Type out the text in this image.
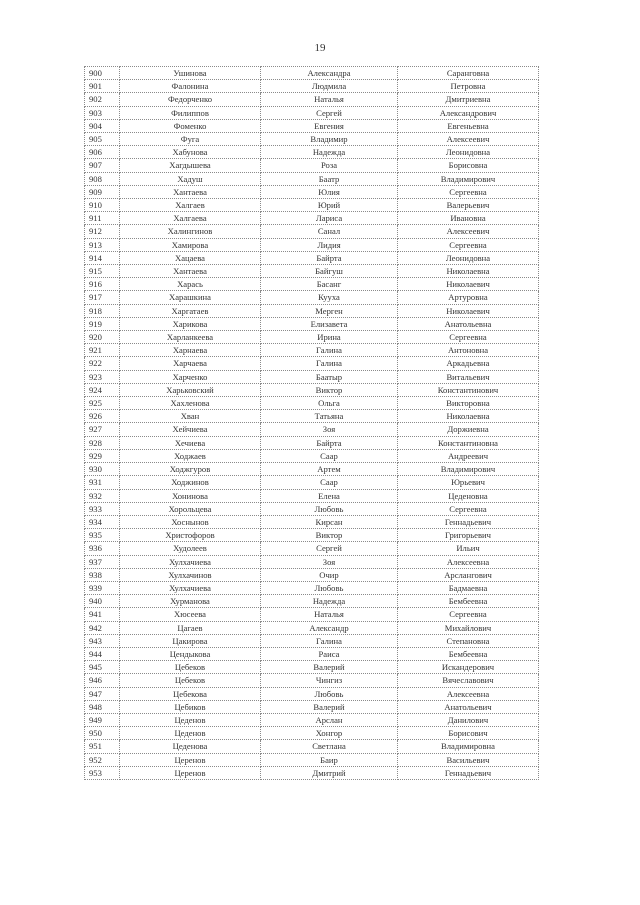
19
900	Ушинова	Александра	Саранговна
901	Фалонина	Людмила	Петровна
902	Федорченко	Наталья	Дмитриевна
903	Филиппов	Сергей	Александрович
904	Фоменко	Евгения	Евгеньевна
905	Фуга	Владимир	Алексеевич
906	Хабунова	Надежда	Леонидовна
907	Хагдышева	Роза	Борисовна
908	Хадуш	Баатр	Владимирович
909	Хантаева	Юлия	Сергеевна
910	Халгаев	Юрий	Валерьевич
911	Халгаева	Лариса	Ивановна
912	Халингинов	Санал	Алексеевич
913	Хамирова	Лидия	Сергеевна
914	Хацаева	Байрта	Леонидовна
915	Хантаева	Байгуш	Николаевна
916	Харась	Басанг	Николаевич
917	Харашкина	Кууха	Артуровна
918	Харгатаев	Мерген	Николаевич
919	Харикова	Елизавета	Анатольевна
920	Харланкеева	Ирина	Сергеевна
921	Харнаева	Галина	Антоновна
922	Харчаева	Галина	Аркадьевна
923	Харченко	Баатыр	Витальевич
924	Харьковский	Виктор	Константинович
925	Хахленова	Ольга	Викторовна
926	Хван	Татьяна	Николаевна
927	Хейчиева	Зоя	Доржиевна
928	Хечиева	Байрта	Константиновна
929	Ходжаев	Саар	Андреевич
930	Ходжгуров	Артем	Владимирович
931	Ходжинов	Саар	Юрьевич
932	Хонинова	Елена	Цеденовна
933	Хорольцева	Любовь	Сергеевна
934	Хоснынов	Кирсан	Геннадьевич
935	Христофоров	Виктор	Григорьевич
936	Худолеев	Сергей	Ильич
937	Хулхачиева	Зоя	Алексеевна
938	Хулхачинов	Очир	Арслангович
939	Хулхачиева	Любовь	Бадмаевна
940	Хурманова	Надежда	Бембеевна
941	Хюсеева	Наталья	Сергеевна
942	Цагаев	Александр	Михайлович
943	Цакирова	Галина	Степановна
944	Цендыкова	Раиса	Бембеевна
945	Цебеков	Валерий	Искандерович
946	Цебеков	Чингиз	Вячеславович
947	Цебекова	Любовь	Алексеевна
948	Цебиков	Валерий	Анатольевич
949	Цеденов	Арслан	Данилович
950	Цеденов	Хонгор	Борисович
951	Цеденова	Светлана	Владимировна
952	Церенов	Баир	Васильевич
953	Церенов	Дмитрий	Геннадьевич
